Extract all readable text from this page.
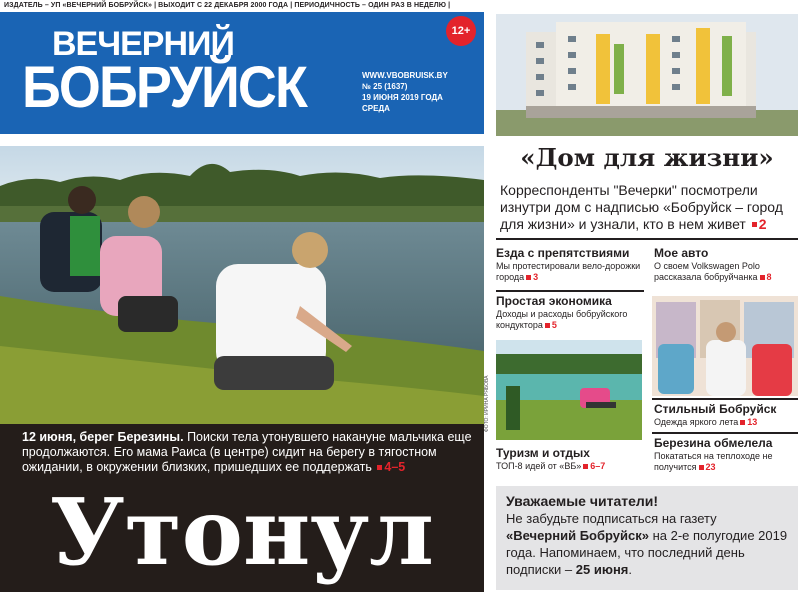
ИЗДАТЕЛЬ – УП «ВЕЧЕРНИЙ БОБРУЙСК» | ВЫХОДИТ С 22 ДЕКАБРЯ 2000 ГОДА | ПЕРИОДИЧНОСТЬ – ОДИН РАЗ В НЕДЕЛЮ |
12+
ВЕЧЕРНИЙ
БОБРУЙСК	WWW.VBOBRUISK.BY
№ 25 (1637)
19 ИЮНЯ 2019 ГОДА
СРЕДА
ФОТО: ИРИНА РЯБОВА
12 июня, берег Березины. Поиски тела утонувшего накануне мальчика еще продолжаются. Его мама Раиса (в центре) сидит на берегу в тягостном ожидании, в окружении близких, пришедших ее поддержать 4–5
Утонул
«Дом для жизни»
Корреспонденты "Вечерки" посмотрели изнутри дом с надписью «Бобруйск – город для жизни» и узнали, кто в нем живет 2
Езда с препятствиями

Мы протестировали вело-дорожки города 3

Мое авто

О своем Volkswagen Polo рассказала бобруйчанка 8

Простая экономика

Доходы и расходы бобруйского кондуктора 5

Стильный Бобруйск

Одежда яркого лета 13

Березина обмелела

Покататься на теплоходе не получится 23

Туризм и отдых

ТОП-8 идей от «ВБ» 6–7

Уважаемые читатели!

Не забудьте подписаться на газету «Вечерний Бобруйск» на 2-е полугодие 2019 года. Напоминаем, что последний день подписки – 25 июня.
